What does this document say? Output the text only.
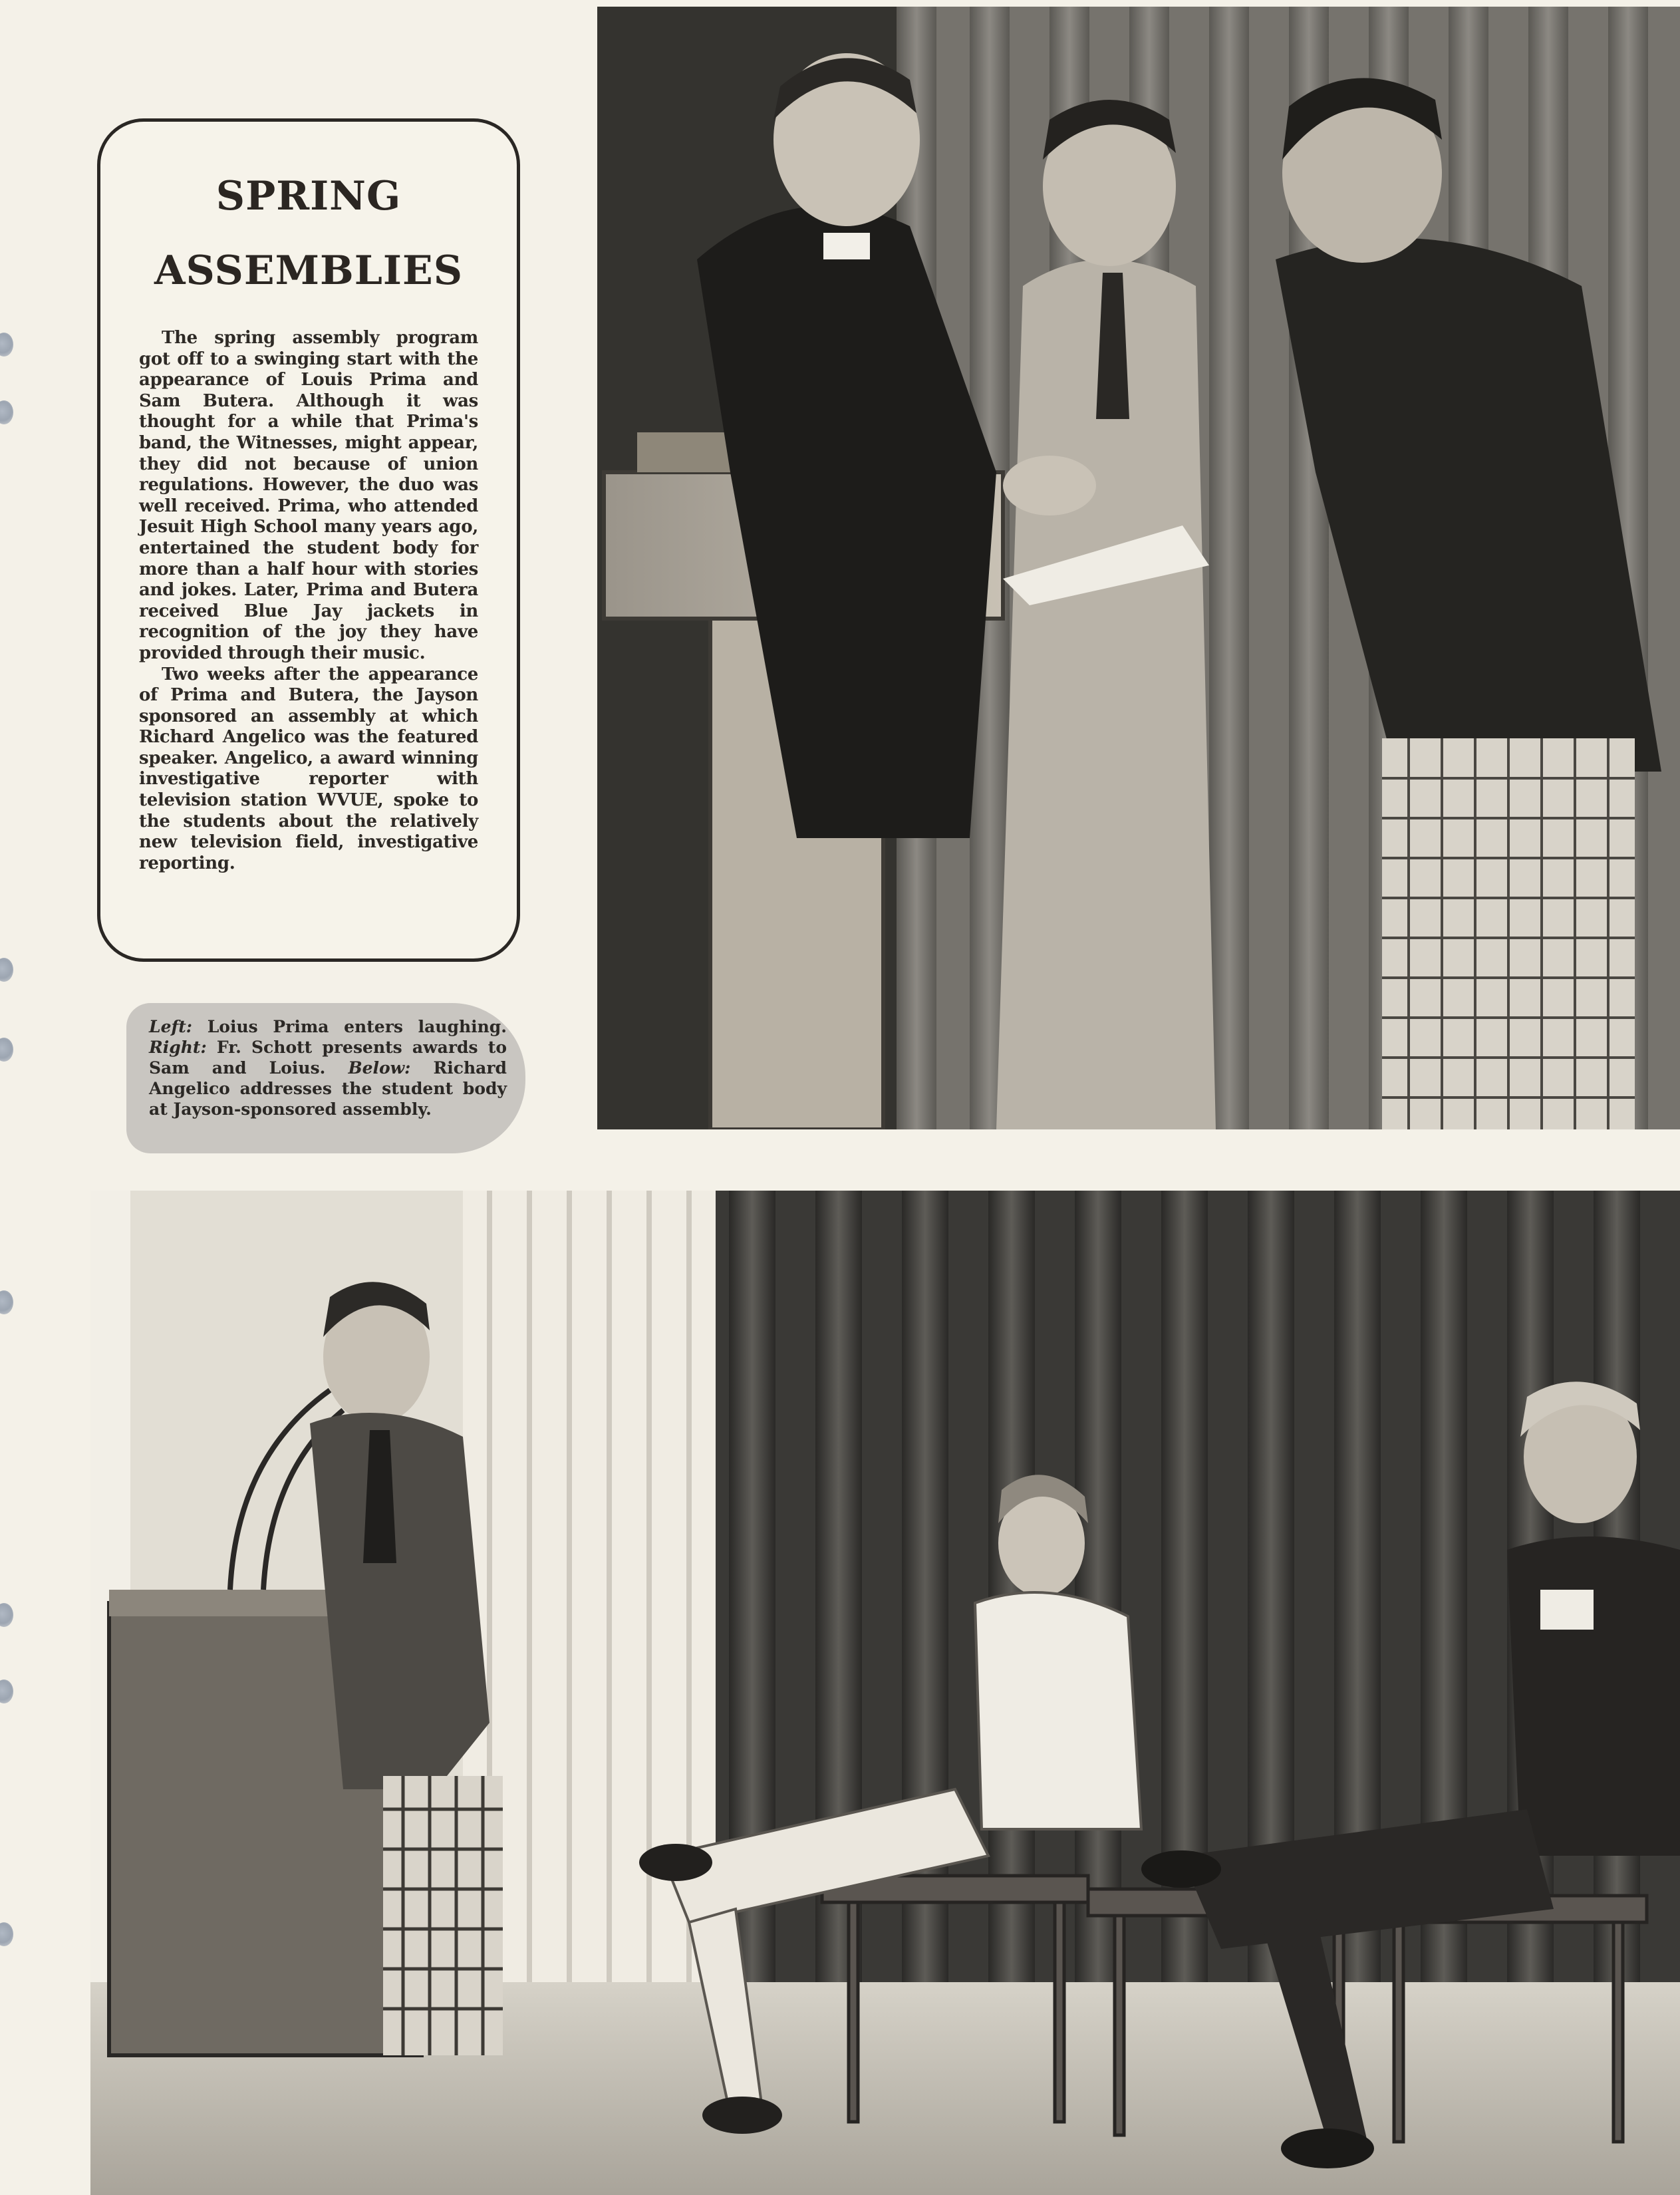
SPRING
ASSEMBLIES

The spring assembly program got off to a swinging start with the appearance of Louis Prima and Sam Butera. Although it was thought for a while that Prima's band, the Witnesses, might appear, they did not because of union regulations. However, the duo was well received. Prima, who attended Jesuit High School many years ago, entertained the student body for more than a half hour with stories and jokes. Later, Prima and Butera received Blue Jay jackets in recognition of the joy they have provided through their music.

Two weeks after the appearance of Prima and Butera, the Jayson sponsored an assembly at which Richard Angelico was the featured speaker. Angelico, a award winning investigative reporter with television station WVUE, spoke to the students about the relatively new television field, investigative reporting.

Left: Loius Prima enters laughing. Right: Fr. Schott presents awards to Sam and Loius. Below: Richard Angelico addresses the student body at Jayson-sponsored assembly.
